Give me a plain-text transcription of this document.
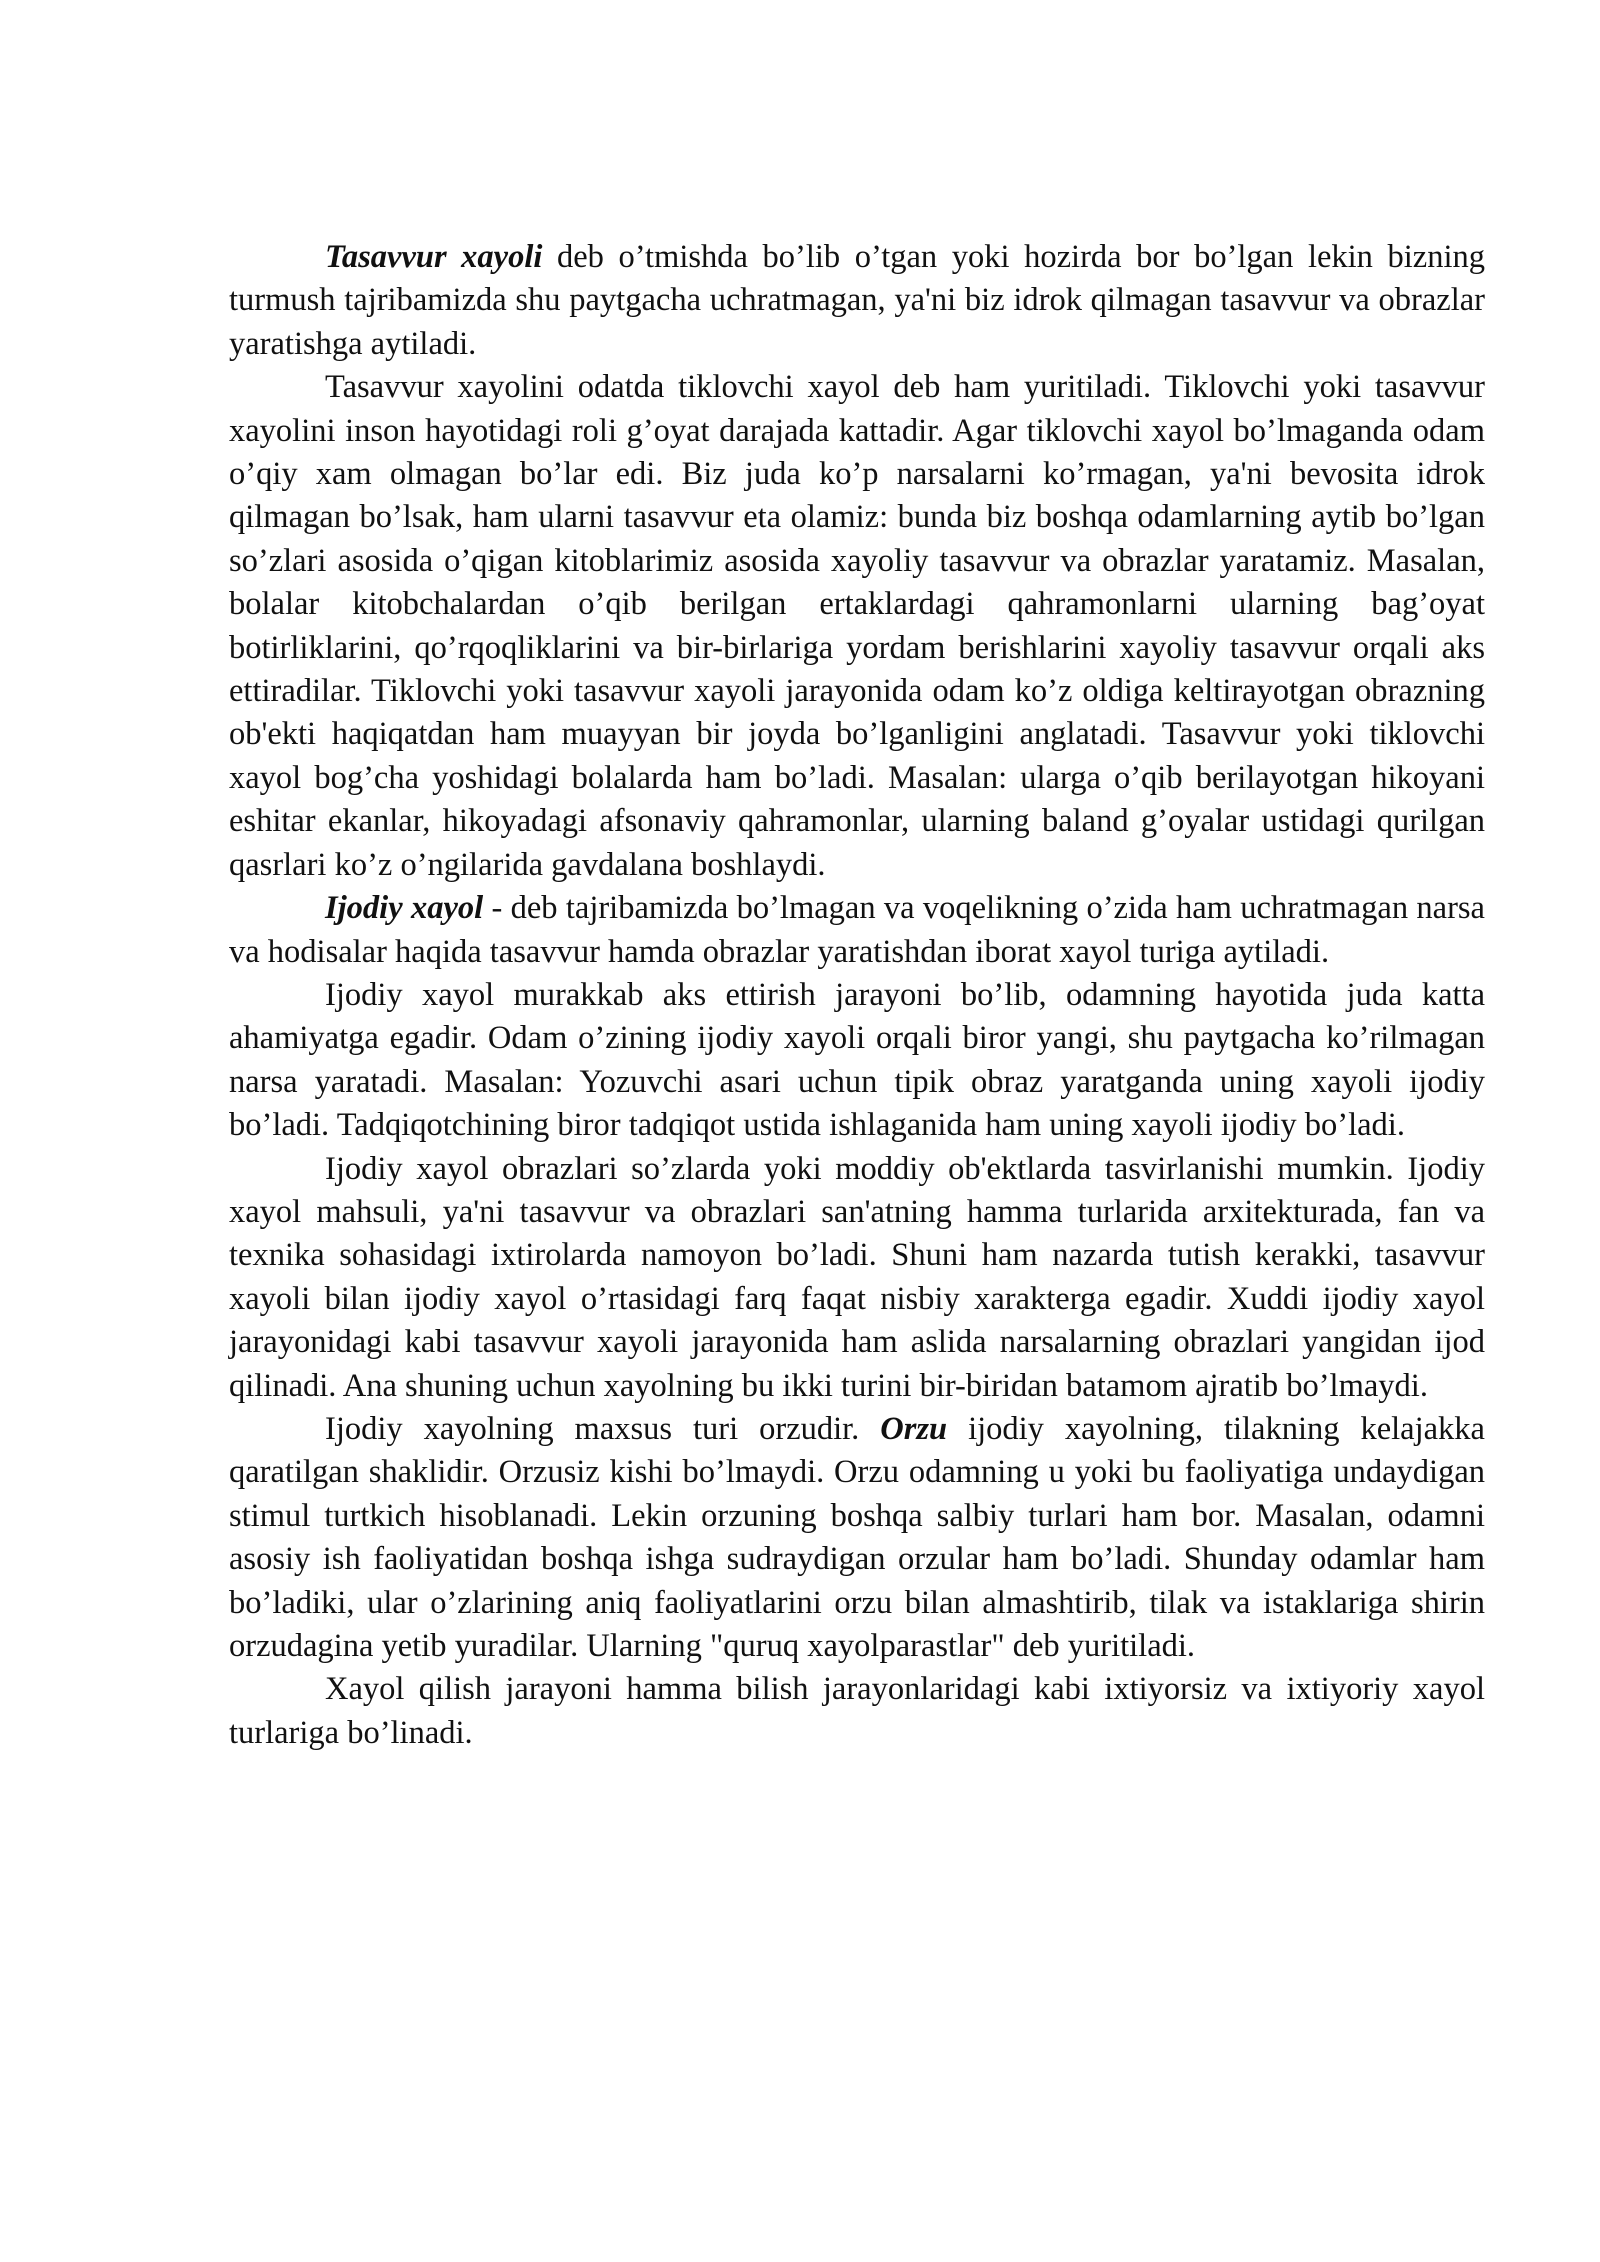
Tasavvur xayoli deb o’tmishda bo’lib o’tgan yoki hozirda bor bo’lgan lekin bizning turmush tajribamizda shu paytgacha uchratmagan, ya'ni biz idrok qilmagan tasavvur va obrazlar yaratishga aytiladi.

Tasavvur xayolini odatda tiklovchi xayol deb ham yuritiladi. Tiklovchi yoki tasavvur xayolini inson hayotidagi roli g’oyat darajada kattadir. Agar tiklovchi xayol bo’lmaganda odam o’qiy xam olmagan bo’lar edi. Biz juda ko’p narsalarni ko’rmagan, ya'ni bevosita idrok qilmagan bo’lsak, ham ularni tasavvur eta olamiz: bunda biz boshqa odamlarning aytib bo’lgan so’zlari asosida o’qigan kitoblarimiz asosida xayoliy tasavvur va obrazlar yaratamiz. Masalan, bolalar kitobchalardan o’qib berilgan ertaklardagi qahramonlarni ularning bag’oyat botirliklarini, qo’rqoqliklarini va bir-birlariga yordam berishlarini xayoliy tasavvur orqali aks ettiradilar. Tiklovchi yoki tasavvur xayoli jarayonida odam ko’z oldiga keltirayotgan obrazning ob'ekti haqiqatdan ham muayyan bir joyda bo’lganligini anglatadi. Tasavvur yoki tiklovchi xayol bog’cha yoshidagi bolalarda ham bo’ladi. Masalan: ularga o’qib berilayotgan hikoyani eshitar ekanlar, hikoyadagi afsonaviy qahramonlar, ularning baland g’oyalar ustidagi qurilgan qasrlari ko’z o’ngilarida gavdalana boshlaydi.

Ijodiy xayol - deb tajribamizda bo’lmagan va voqelikning o’zida ham uchratmagan narsa va hodisalar haqida tasavvur hamda obrazlar yaratishdan iborat xayol turiga aytiladi.

Ijodiy xayol murakkab aks ettirish jarayoni bo’lib, odamning hayotida juda katta ahamiyatga egadir. Odam o’zining ijodiy xayoli orqali biror yangi, shu paytgacha ko’rilmagan narsa yaratadi. Masalan: Yozuvchi asari uchun tipik obraz yaratganda uning xayoli ijodiy bo’ladi. Tadqiqotchining biror tadqiqot ustida ishlaganida ham uning xayoli ijodiy bo’ladi.

Ijodiy xayol obrazlari so’zlarda yoki moddiy ob'ektlarda tasvirlanishi mumkin. Ijodiy xayol mahsuli, ya'ni tasavvur va obrazlari san'atning hamma turlarida arxitekturada, fan va texnika sohasidagi ixtirolarda namoyon bo’ladi. Shuni ham nazarda tutish kerakki, tasavvur xayoli bilan ijodiy xayol o’rtasidagi farq faqat nisbiy xarakterga egadir. Xuddi ijodiy xayol jarayonidagi kabi tasavvur xayoli jarayonida ham aslida narsalarning obrazlari yangidan ijod qilinadi. Ana shuning uchun xayolning bu ikki turini bir-biridan batamom ajratib bo’lmaydi.

Ijodiy xayolning maxsus turi orzudir. Orzu ijodiy xayolning, tilakning kelajakka qaratilgan shaklidir. Orzusiz kishi bo’lmaydi. Orzu odamning u yoki bu faoliyatiga undaydigan stimul turtkich hisoblanadi. Lekin orzuning boshqa salbiy turlari ham bor. Masalan, odamni asosiy ish faoliyatidan boshqa ishga sudraydigan orzular ham bo’ladi. Shunday odamlar ham bo’ladiki, ular o’zlarining aniq faoliyatlarini orzu bilan almashtirib, tilak va istaklariga shirin orzudagina yetib yuradilar. Ularning "quruq xayolparastlar" deb yuritiladi.

Xayol qilish jarayoni hamma bilish jarayonlaridagi kabi ixtiyorsiz va ixtiyoriy xayol turlariga bo’linadi.
